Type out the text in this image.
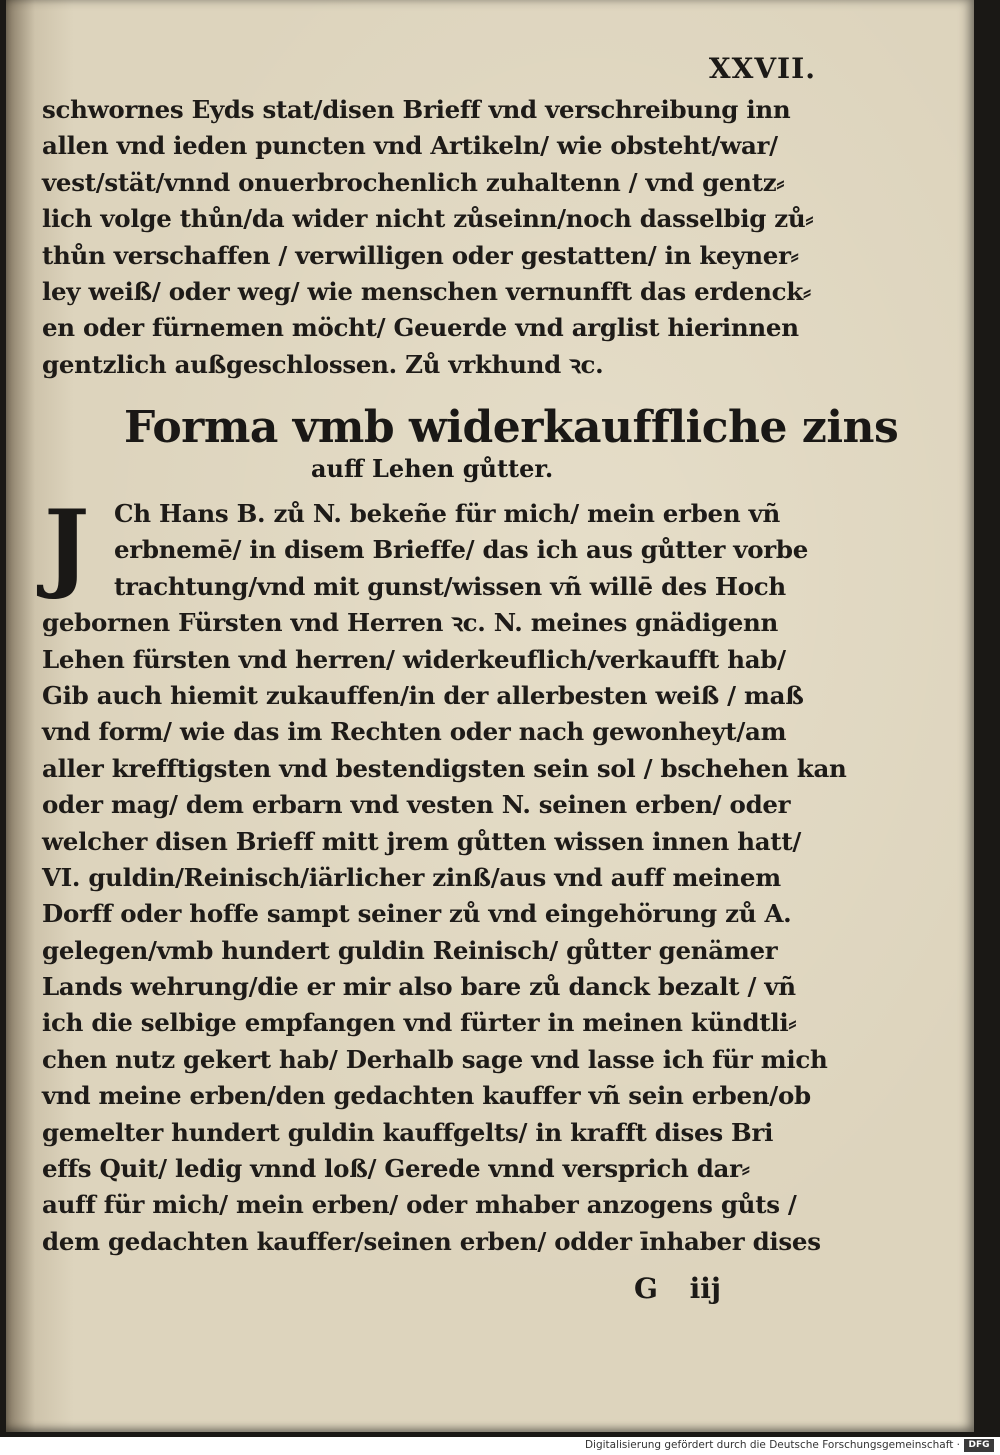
XXVII.
schwornes Eyds stat/disen Brieff vnd verschreibung inn
allen vnd ieden puncten vnd Artikeln/ wie obsteht/war/
vest/stät/vnnd onuerbrochenlich zuhaltenn / vnd gentz⸗
lich volge thůn/da wider nicht zůseinn/noch dasselbig zů⸗
thůn verschaffen / verwilligen oder gestatten/ in keyner⸗
ley weiß/ oder weg/ wie menschen vernunfft das erdenck⸗
en oder fürnemen möcht/ Geuerde vnd arglist hierinnen
gentzlich außgeschlossen. Zů vrkhund ꝛc.
Forma vmb widerkauffliche zins
auff Lehen gůtter.
J	Ch Hans B. zů N. bekeñe für mich/ mein erben vñ
erbnemē/ in disem Brieffe/ das ich aus gůtter vorbe
trachtung/vnd mit gunst/wissen vñ willē des Hoch
gebornen Fürsten vnd Herren ꝛc. N. meines gnädigenn
Lehen fürsten vnd herren/ widerkeuflich/verkaufft hab/
Gib auch hiemit zukauffen/in der allerbesten weiß / maß
vnd form/ wie das im Rechten oder nach gewonheyt/am
aller krefftigsten vnd bestendigsten sein sol / bschehen kan
oder mag/ dem erbarn vnd vesten N. seinen erben/ oder
welcher disen Brieff mitt jrem gůtten wissen innen hatt/
VI. guldin/Reinisch/iärlicher zinß/aus vnd auff meinem
Dorff oder hoffe sampt seiner zů vnd eingehörung zů A.
gelegen/vmb hundert guldin Reinisch/ gůtter genämer
Lands wehrung/die er mir also bare zů danck bezalt / vñ
ich die selbige empfangen vnd fürter in meinen kündtli⸗
chen nutz gekert hab/ Derhalb sage vnd lasse ich für mich
vnd meine erben/den gedachten kauffer vñ sein erben/ob
gemelter hundert guldin kauffgelts/ in krafft dises Bri
effs Quit/ ledig vnnd loß/ Gerede vnnd versprich dar⸗
auff für mich/ mein erben/ oder mhaber anzogens gůts /
dem gedachten kauffer/seinen erben/ odder īnhaber dises
G iij
Digitalisierung gefördert durch die Deutsche Forschungsgemeinschaft · DFG
